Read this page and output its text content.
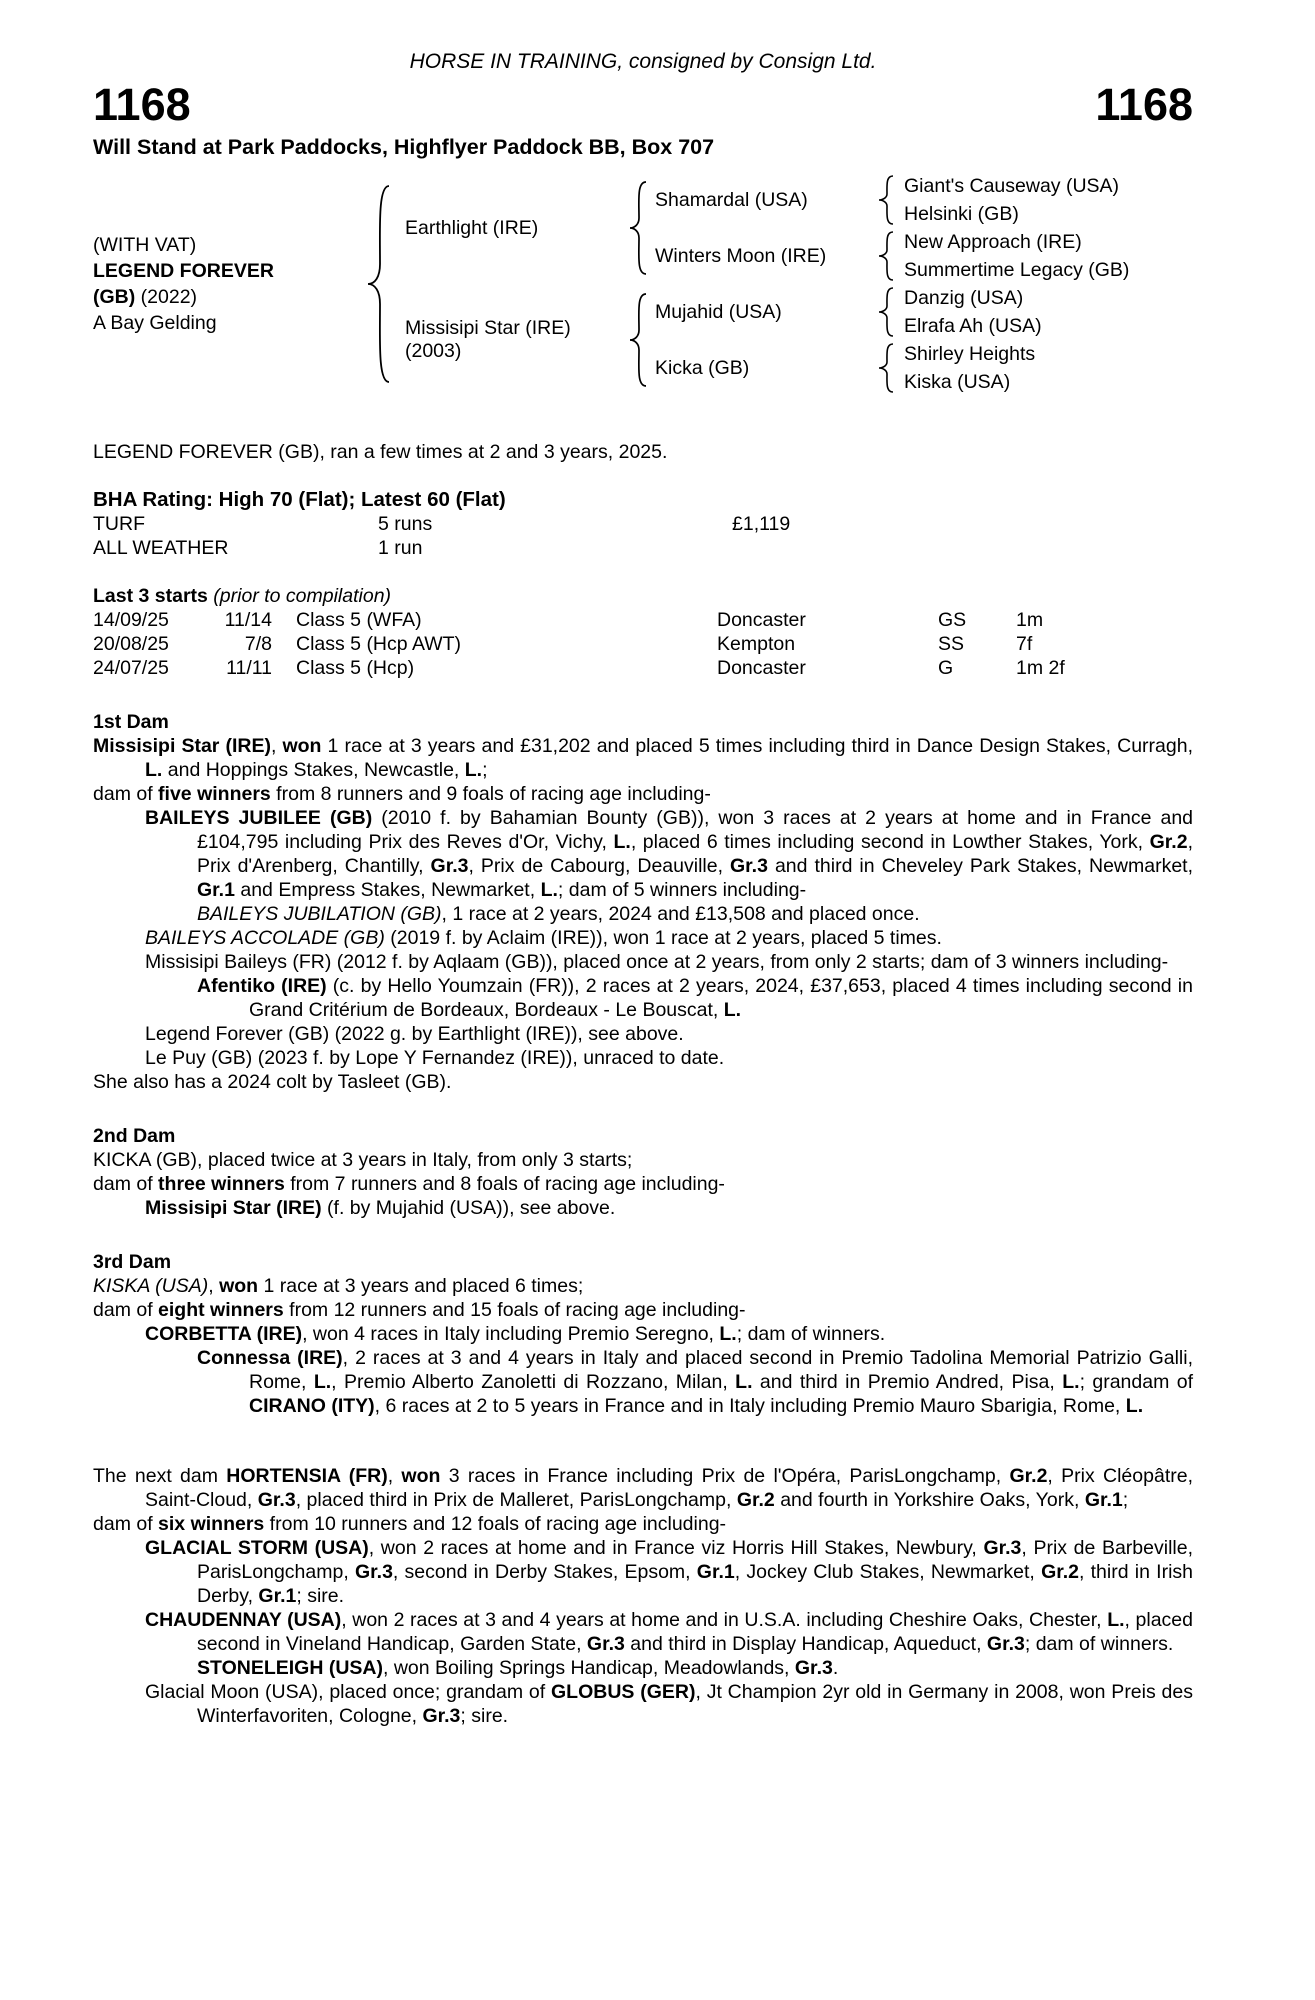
HORSE IN TRAINING, consigned by Consign Ltd.
1168	1168
Will Stand at Park Paddocks, Highflyer Paddock BB, Box 707
(WITH VAT)
LEGEND FOREVER
(GB) (2022)
A Bay Gelding
Earthlight (IRE)
Shamardal (USA)
Giant's Causeway (USA)
Helsinki (GB)
Winters Moon (IRE)
New Approach (IRE)
Summertime Legacy (GB)
Missisipi Star (IRE)
(2003)
Mujahid (USA)
Danzig (USA)
Elrafa Ah (USA)
Kicka (GB)
Shirley Heights
Kiska (USA)
LEGEND FOREVER (GB), ran a few times at 2 and 3 years, 2025.
BHA Rating: High 70 (Flat); Latest 60 (Flat)
TURF	5 runs	£1,119
ALL WEATHER	1 run
Last 3 starts (prior to compilation)
14/09/25	11/14	Class 5 (WFA)	Doncaster	GS	1m
20/08/25	7/8	Class 5 (Hcp AWT)	Kempton	SS	7f
24/07/25	11/11	Class 5 (Hcp)	Doncaster	G	1m 2f
1st Dam

Missisipi Star (IRE), won 1 race at 3 years and £31,202 and placed 5 times including third in Dance Design Stakes, Curragh, L. and Hoppings Stakes, Newcastle, L.;

dam of five winners from 8 runners and 9 foals of racing age including-

BAILEYS JUBILEE (GB) (2010 f. by Bahamian Bounty (GB)), won 3 races at 2 years at home and in France and £104,795 including Prix des Reves d'Or, Vichy, L., placed 6 times including second in Lowther Stakes, York, Gr.2, Prix d'Arenberg, Chantilly, Gr.3, Prix de Cabourg, Deauville, Gr.3 and third in Cheveley Park Stakes, Newmarket, Gr.1 and Empress Stakes, Newmarket, L.; dam of 5 winners including-

BAILEYS JUBILATION (GB), 1 race at 2 years, 2024 and £13,508 and placed once.

BAILEYS ACCOLADE (GB) (2019 f. by Aclaim (IRE)), won 1 race at 2 years, placed 5 times.

Missisipi Baileys (FR) (2012 f. by Aqlaam (GB)), placed once at 2 years, from only 2 starts; dam of 3 winners including-

Afentiko (IRE) (c. by Hello Youmzain (FR)), 2 races at 2 years, 2024, £37,653, placed 4 times including second in Grand Critérium de Bordeaux, Bordeaux - Le Bouscat, L.

Legend Forever (GB) (2022 g. by Earthlight (IRE)), see above.

Le Puy (GB) (2023 f. by Lope Y Fernandez (IRE)), unraced to date.

She also has a 2024 colt by Tasleet (GB).

2nd Dam

KICKA (GB), placed twice at 3 years in Italy, from only 3 starts;

dam of three winners from 7 runners and 8 foals of racing age including-

Missisipi Star (IRE) (f. by Mujahid (USA)), see above.

3rd Dam

KISKA (USA), won 1 race at 3 years and placed 6 times;

dam of eight winners from 12 runners and 15 foals of racing age including-

CORBETTA (IRE), won 4 races in Italy including Premio Seregno, L.; dam of winners.

Connessa (IRE), 2 races at 3 and 4 years in Italy and placed second in Premio Tadolina Memorial Patrizio Galli, Rome, L., Premio Alberto Zanoletti di Rozzano, Milan, L. and third in Premio Andred, Pisa, L.; grandam of CIRANO (ITY), 6 races at 2 to 5 years in France and in Italy including Premio Mauro Sbarigia, Rome, L.

The next dam HORTENSIA (FR), won 3 races in France including Prix de l'Opéra, ParisLongchamp, Gr.2, Prix Cléopâtre, Saint-Cloud, Gr.3, placed third in Prix de Malleret, ParisLongchamp, Gr.2 and fourth in Yorkshire Oaks, York, Gr.1;

dam of six winners from 10 runners and 12 foals of racing age including-

GLACIAL STORM (USA), won 2 races at home and in France viz Horris Hill Stakes, Newbury, Gr.3, Prix de Barbeville, ParisLongchamp, Gr.3, second in Derby Stakes, Epsom, Gr.1, Jockey Club Stakes, Newmarket, Gr.2, third in Irish Derby, Gr.1; sire.

CHAUDENNAY (USA), won 2 races at 3 and 4 years at home and in U.S.A. including Cheshire Oaks, Chester, L., placed second in Vineland Handicap, Garden State, Gr.3 and third in Display Handicap, Aqueduct, Gr.3; dam of winners.

STONELEIGH (USA), won Boiling Springs Handicap, Meadowlands, Gr.3.

Glacial Moon (USA), placed once; grandam of GLOBUS (GER), Jt Champion 2yr old in Germany in 2008, won Preis des Winterfavoriten, Cologne, Gr.3; sire.
